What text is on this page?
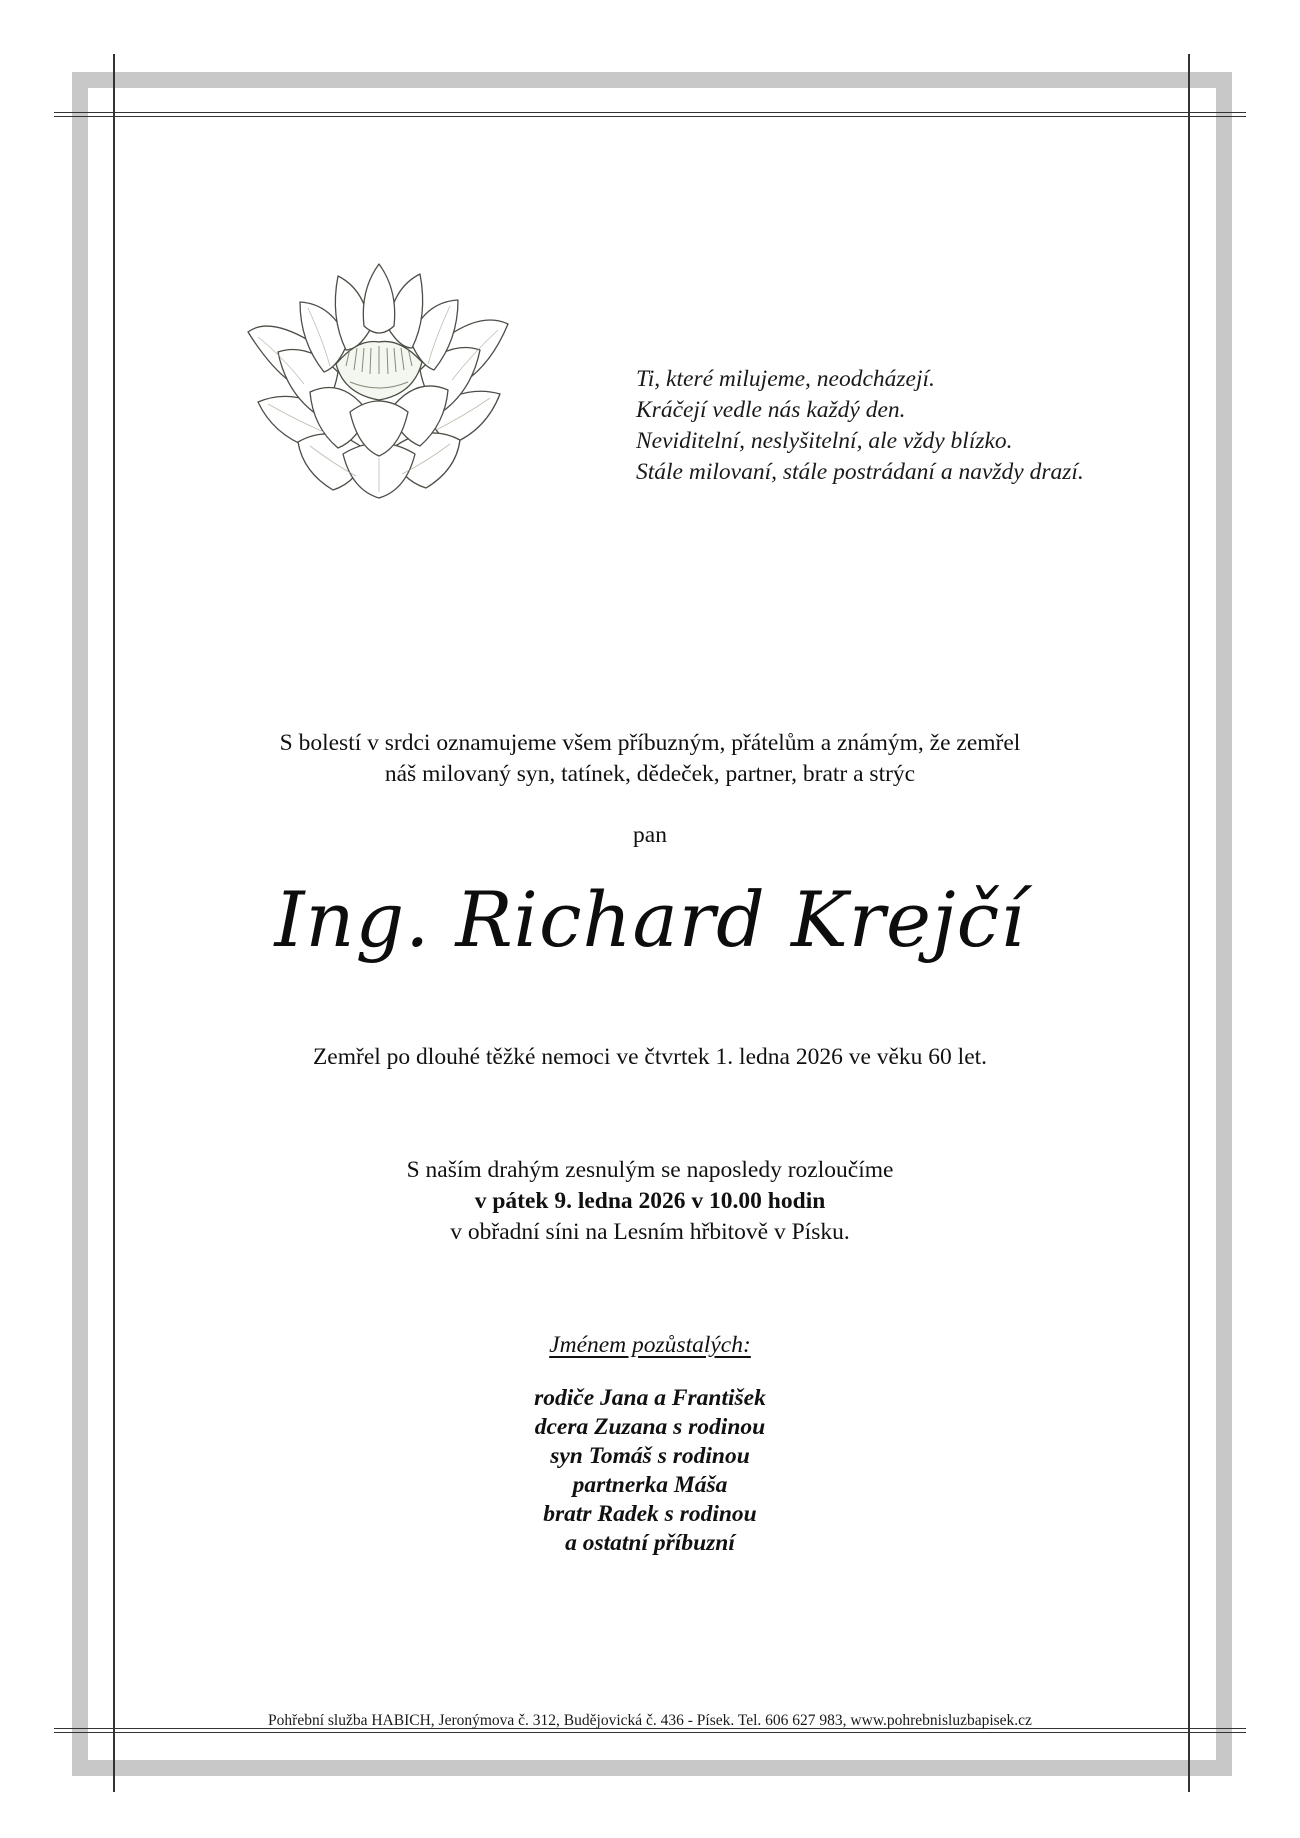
Ti, které milujeme, neodcházejí.
Kráčejí vedle nás každý den.
Neviditelní, neslyšitelní, ale vždy blízko.
Stále milovaní, stále postrádaní a navždy drazí.
S bolestí v srdci oznamujeme všem příbuzným, přátelům a známým, že zemřel
náš milovaný syn, tatínek, dědeček, partner, bratr a strýc
pan
Ing. Richard Krejčí
Zemřel po dlouhé těžké nemoci ve čtvrtek 1. ledna 2026 ve věku 60 let.
S naším drahým zesnulým se naposledy rozloučíme
v pátek 9. ledna 2026 v 10.00 hodin
v obřadní síni na Lesním hřbitově v Písku.
Jménem pozůstalých:
rodiče Jana a František
dcera Zuzana s rodinou
syn Tomáš s rodinou
partnerka Máša
bratr Radek s rodinou
a ostatní příbuzní
Pohřební služba HABICH, Jeronýmova č. 312, Budějovická č. 436 - Písek. Tel. 606 627 983, www.pohrebnisluzbapisek.cz
